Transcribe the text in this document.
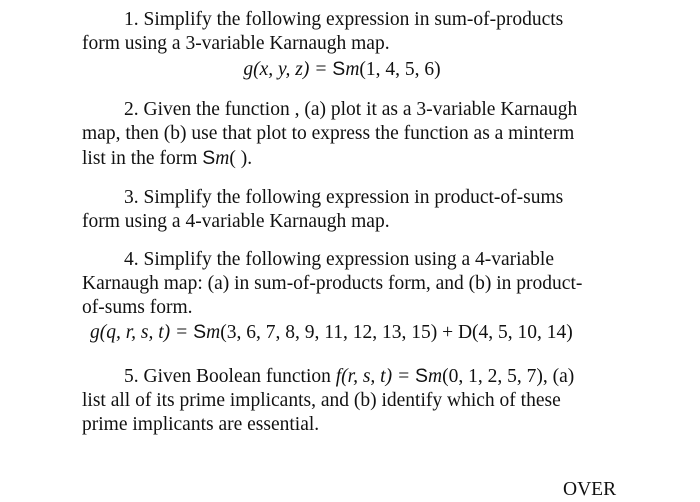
1. Simplify the following expression in sum-of-products
form using a 3-variable Karnaugh map.

g(x, y, z) = Sm(1, 4, 5, 6)

2. Given the function , (a) plot it as a 3-variable Karnaugh
map, then (b) use that plot to express the function as a minterm
list in the form Sm( ).
3. Simplify the following expression in product-of-sums
form using a 4-variable Karnaugh map.
4. Simplify the following expression using a 4-variable
Karnaugh map: (a) in sum-of-products form, and (b) in product-
of-sums form.

g(q, r, s, t) = Sm(3, 6, 7, 8, 9, 11, 12, 13, 15) + D(4, 5, 10, 14)

5. Given Boolean function f(r, s, t) = Sm(0, 1, 2, 5, 7), (a)
list all of its prime implicants, and (b) identify which of these
prime implicants are essential.

OVER
